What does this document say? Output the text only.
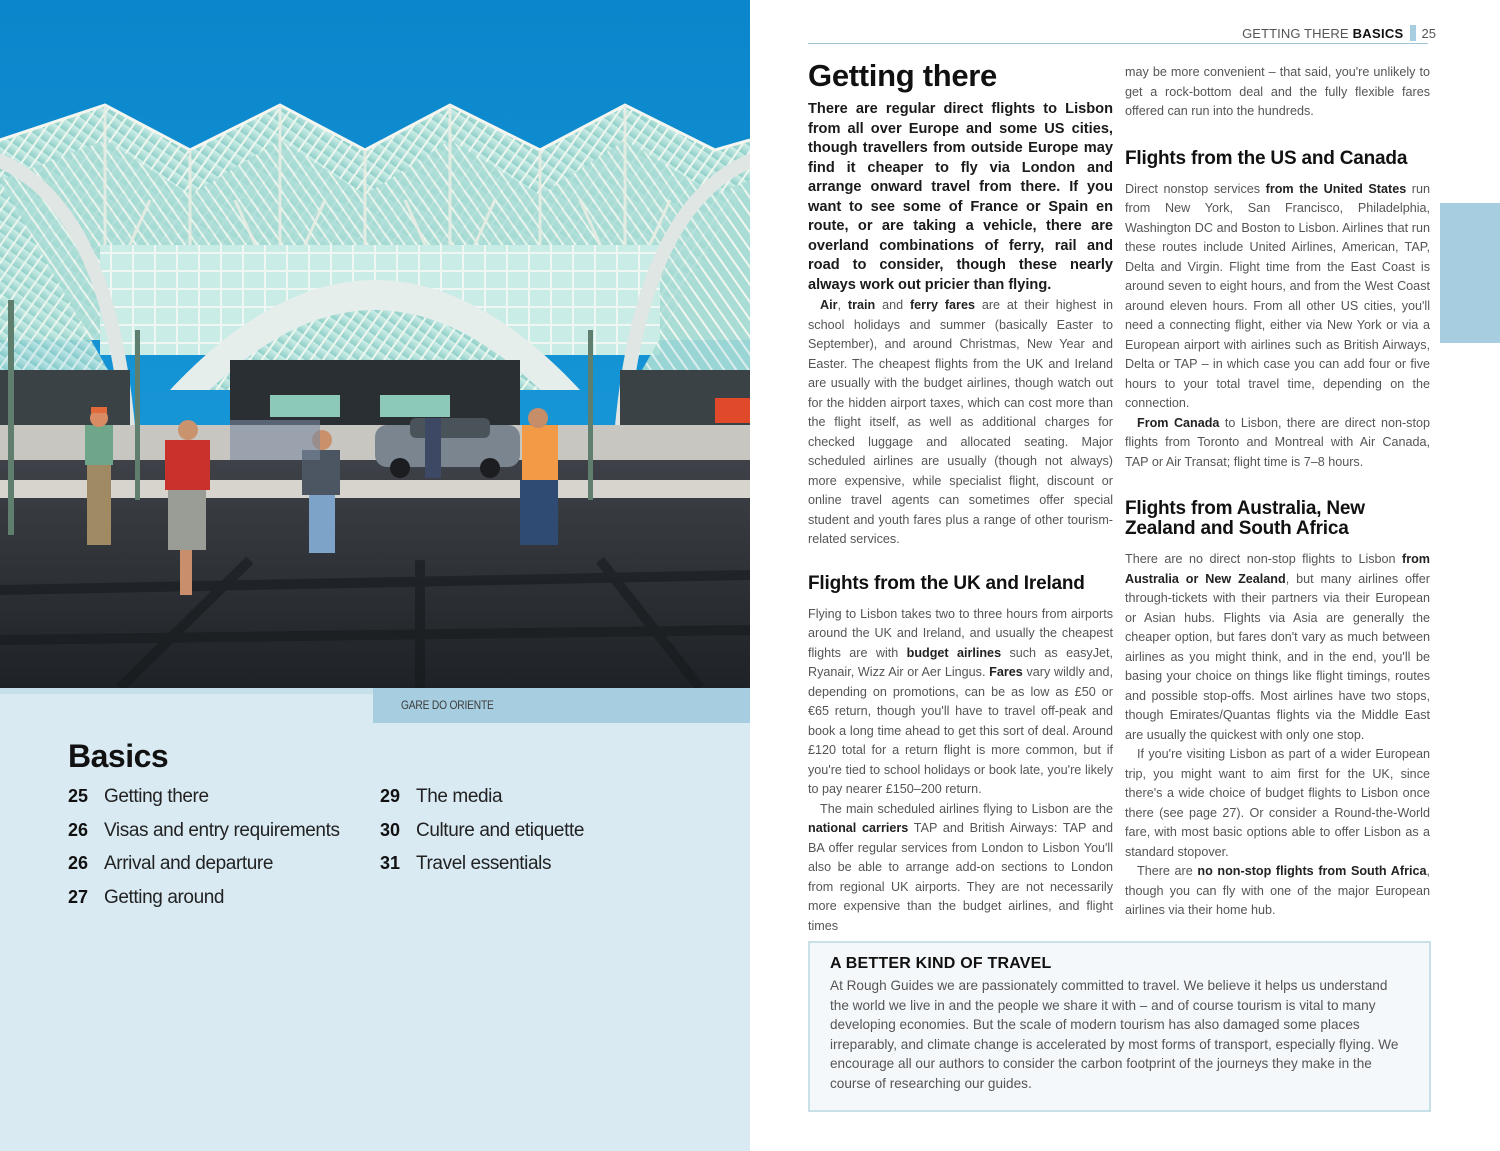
GARE DO ORIENTE
Basics
25 Getting there
26 Visas and entry requirements
26 Arrival and departure
27 Getting around
29 The media
30 Culture and etiquette
31 Travel essentials
GETTING THERE BASICS 25
Getting there

There are regular direct flights to Lisbon from all over Europe and some US cities, though travellers from outside Europe may find it cheaper to fly via London and arrange onward travel from there. If you want to see some of France or Spain en route, or are taking a vehicle, there are overland combinations of ferry, rail and road to consider, though these nearly always work out pricier than flying.

Air, train and ferry fares are at their highest in school holidays and summer (basically Easter to September), and around Christmas, New Year and Easter. The cheapest flights from the UK and Ireland are usually with the budget airlines, though watch out for the hidden airport taxes, which can cost more than the flight itself, as well as additional charges for checked luggage and allocated seating. Major scheduled airlines are usually (though not always) more expensive, while specialist flight, discount or online travel agents can sometimes offer special student and youth fares plus a range of other tourism-related services.

Flights from the UK and Ireland

Flying to Lisbon takes two to three hours from airports around the UK and Ireland, and usually the cheapest flights are with budget airlines such as easyJet, Ryanair, Wizz Air or Aer Lingus. Fares vary wildly and, depending on promotions, can be as low as £50 or €65 return, though you'll have to travel off-peak and book a long time ahead to get this sort of deal. Around £120 total for a return flight is more common, but if you're tied to school holidays or book late, you're likely to pay nearer £150–200 return.

The main scheduled airlines flying to Lisbon are the national carriers TAP and British Airways: TAP and BA offer regular services from London to Lisbon You'll also be able to arrange add-on sections to London from regional UK airports. They are not necessarily more expensive than the budget airlines, and flight times

may be more convenient – that said, you're unlikely to get a rock-bottom deal and the fully flexible fares offered can run into the hundreds.

Flights from the US and Canada

Direct nonstop services from the United States run from New York, San Francisco, Philadelphia, Washington DC and Boston to Lisbon. Airlines that run these routes include United Airlines, American, TAP, Delta and Virgin. Flight time from the East Coast is around seven to eight hours, and from the West Coast around eleven hours. From all other US cities, you'll need a connecting flight, either via New York or via a European airport with airlines such as British Airways, Delta or TAP – in which case you can add four or five hours to your total travel time, depending on the connection.

From Canada to Lisbon, there are direct non-stop flights from Toronto and Montreal with Air Canada, TAP or Air Transat; flight time is 7–8 hours.

Flights from Australia, New Zealand and South Africa

There are no direct non-stop flights to Lisbon from Australia or New Zealand, but many airlines offer through-tickets with their partners via their European or Asian hubs. Flights via Asia are generally the cheaper option, but fares don't vary as much between airlines as you might think, and in the end, you'll be basing your choice on things like flight timings, routes and possible stop-offs. Most airlines have two stops, though Emirates/Quantas flights via the Middle East are usually the quickest with only one stop.

If you're visiting Lisbon as part of a wider European trip, you might want to aim first for the UK, since there's a wide choice of budget flights to Lisbon once there (see page 27). Or consider a Round-the-World fare, with most basic options able to offer Lisbon as a standard stopover.

There are no non-stop flights from South Africa, though you can fly with one of the major European airlines via their home hub.

A BETTER KIND OF TRAVEL
At Rough Guides we are passionately committed to travel. We believe it helps us understand the world we live in and the people we share it with – and of course tourism is vital to many developing economies. But the scale of modern tourism has also damaged some places irreparably, and climate change is accelerated by most forms of transport, especially flying. We encourage all our authors to consider the carbon footprint of the journeys they make in the course of researching our guides.
